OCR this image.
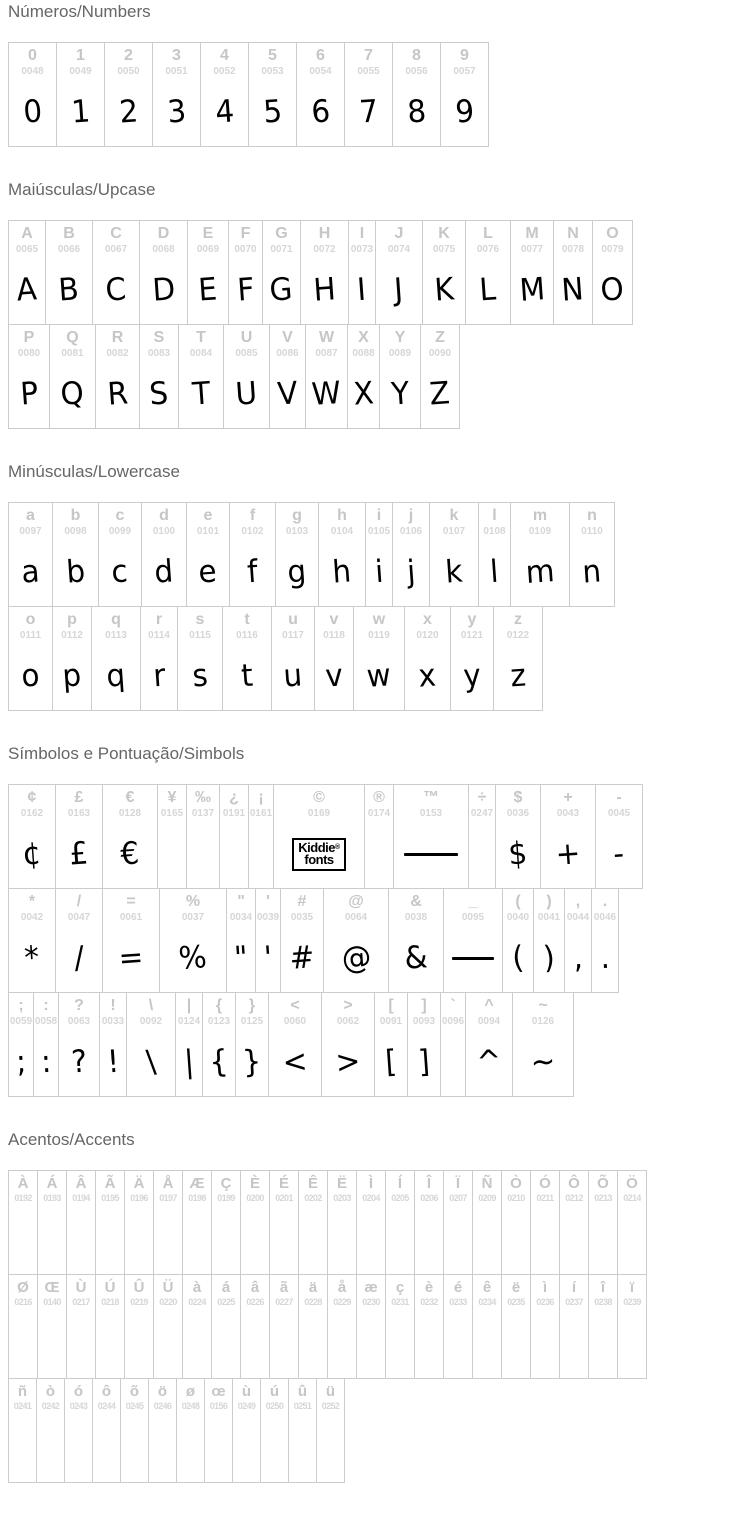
Números/Numbers
0
0048
0
1
0049
1
2
0050
2
3
0051
3
4
0052
4
5
0053
5
6
0054
6
7
0055
7
8
0056
8
9
0057
9
Maiúsculas/Upcase
A
0065
A
B
0066
B
C
0067
C
D
0068
D
E
0069
E
F
0070
F
G
0071
G
H
0072
H
I
0073
I
J
0074
J
K
0075
K
L
0076
L
M
0077
M
N
0078
N
O
0079
O
P
0080
P
Q
0081
Q
R
0082
R
S
0083
S
T
0084
T
U
0085
U
V
0086
V
W
0087
W
X
0088
X
Y
0089
Y
Z
0090
Z
Minúsculas/Lowercase
a
0097
a
b
0098
b
c
0099
c
d
0100
d
e
0101
e
f
0102
f
g
0103
g
h
0104
h
i
0105
i
j
0106
j
k
0107
k
l
0108
l
m
0109
m
n
0110
n
o
0111
o
p
0112
p
q
0113
q
r
0114
r
s
0115
s
t
0116
t
u
0117
u
v
0118
v
w
0119
w
x
0120
x
y
0121
y
z
0122
z
Símbolos e Pontuação/Simbols
¢
0162
¢
£
0163
£
€
0128
€
¥
0165
‰
0137
¿
0191
¡
0161
©
0169
Kiddie®
fonts
®
0174
™
0153
÷
0247
$
0036
$
+
0043
+
-
0045
-
*
0042
*
/
0047
/
=
0061
=
%
0037
%
"
0034
"
'
0039
'
#
0035
#
@
0064
@
&
0038
&
_
0095
(
0040
(
)
0041
)
,
0044
,
.
0046
.
;
0059
;
:
0058
:
?
0063
?
!
0033
!
\
0092
\
|
0124
|
{
0123
{
}
0125
}
<
0060
<
>
0062
>
[
0091
[
]
0093
]
`
0096
^
0094
^
~
0126
~
Acentos/Accents
À
0192
Á
0193
Â
0194
Ã
0195
Ä
0196
Å
0197
Æ
0198
Ç
0199
È
0200
É
0201
Ê
0202
Ë
0203
Ì
0204
Í
0205
Î
0206
Ï
0207
Ñ
0209
Ò
0210
Ó
0211
Ô
0212
Õ
0213
Ö
0214
Ø
0216
Œ
0140
Ù
0217
Ú
0218
Û
0219
Ü
0220
à
0224
á
0225
â
0226
ã
0227
ä
0228
å
0229
æ
0230
ç
0231
è
0232
é
0233
ê
0234
ë
0235
ì
0236
í
0237
î
0238
ï
0239
ñ
0241
ò
0242
ó
0243
ô
0244
õ
0245
ö
0246
ø
0248
œ
0156
ù
0249
ú
0250
û
0251
ü
0252
